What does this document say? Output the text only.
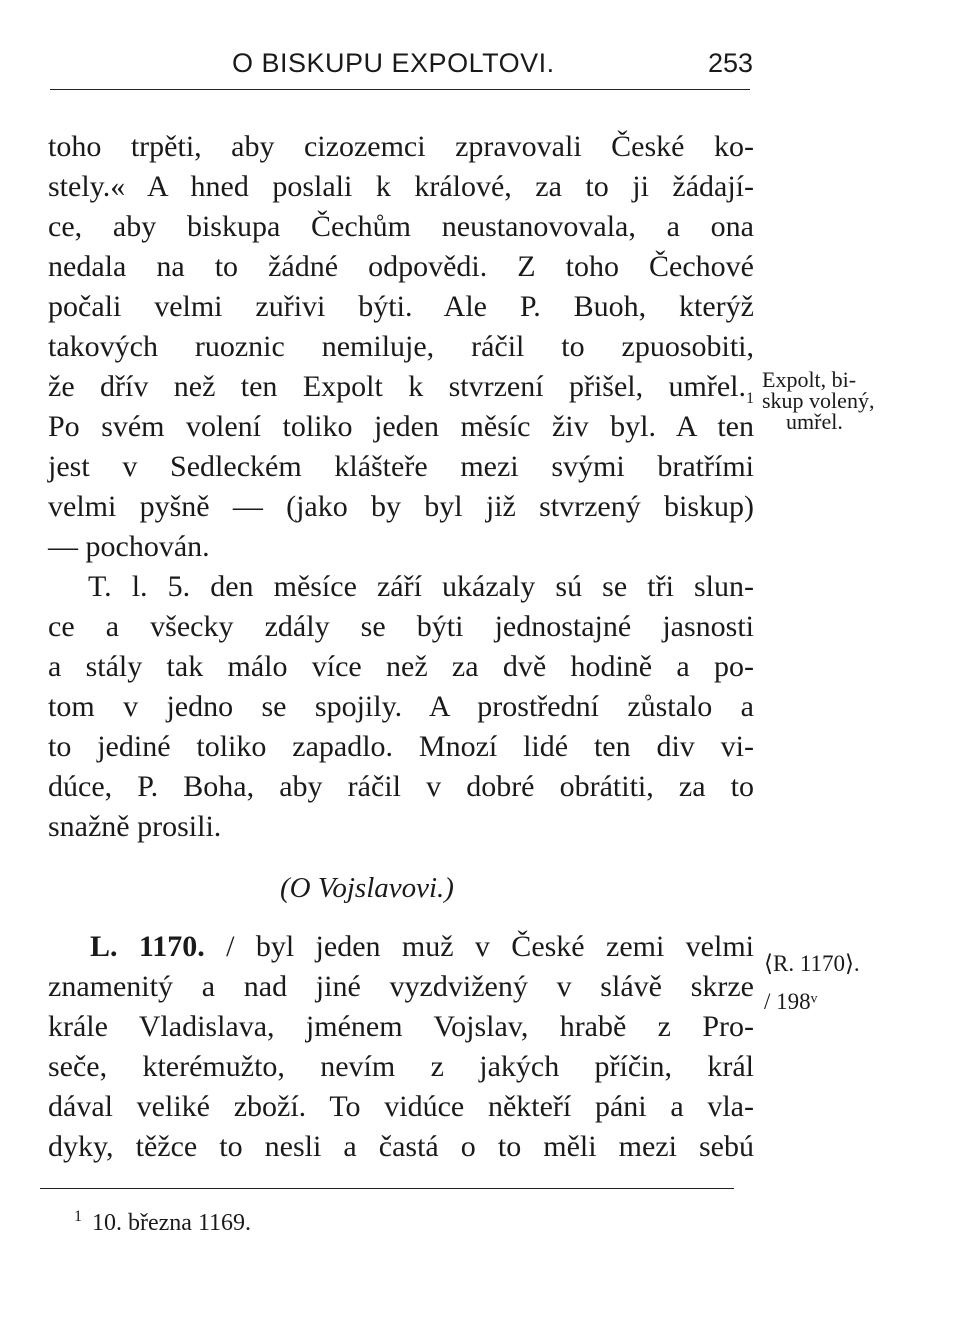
O BISKUPU EXPOLTOVI.	253
toho trpěti, aby cizozemci zpravovali České ko-
stely.« A hned poslali k králové, za to ji žádají-
ce, aby biskupa Čechům neustanovovala, a ona
nedala na to žádné odpovědi. Z toho Čechové
počali velmi zuřivi býti. Ale P. Buoh, kterýž
takových ruoznic nemiluje, ráčil to zpuosobiti,
že dřív než ten Expolt k stvrzení přišel, $umřel._1$
Po svém volení toliko jeden měsíc živ byl. A ten
jest v Sedleckém klášteře mezi svými bratřími
velmi pyšně — (jako by byl již stvrzený biskup)
— pochován.
Expolt, bi-
skup volený,
umřel.
T. l. 5. den měsíce září ukázaly sú se tři slun-
ce a všecky zdály se býti jednostajné jasnosti
a stály tak málo více než za dvě hodině a po-
tom v jedno se spojily. A prostřední zůstalo a
to jediné toliko zapadlo. Mnozí lidé ten div vi-
dúce, P. Boha, aby ráčil v dobré obrátiti, za to
snažně prosili.
(O Vojslavovi.)
L. 1170. / byl jeden muž v České zemi velmi
znamenitý a nad jiné vyzdvižený v slávě skrze
krále Vladislava, jménem Vojslav, hrabě z Pro-
seče, kterémužto, nevím z jakých příčin, král
dával veliké zboží. To vidúce někteří páni a vla-
dyky, těžce to nesli a častá o to měli mezi sebú
⟨R. 1170⟩.
/ 198ᵛ
$^1$ 10. března 1169.
